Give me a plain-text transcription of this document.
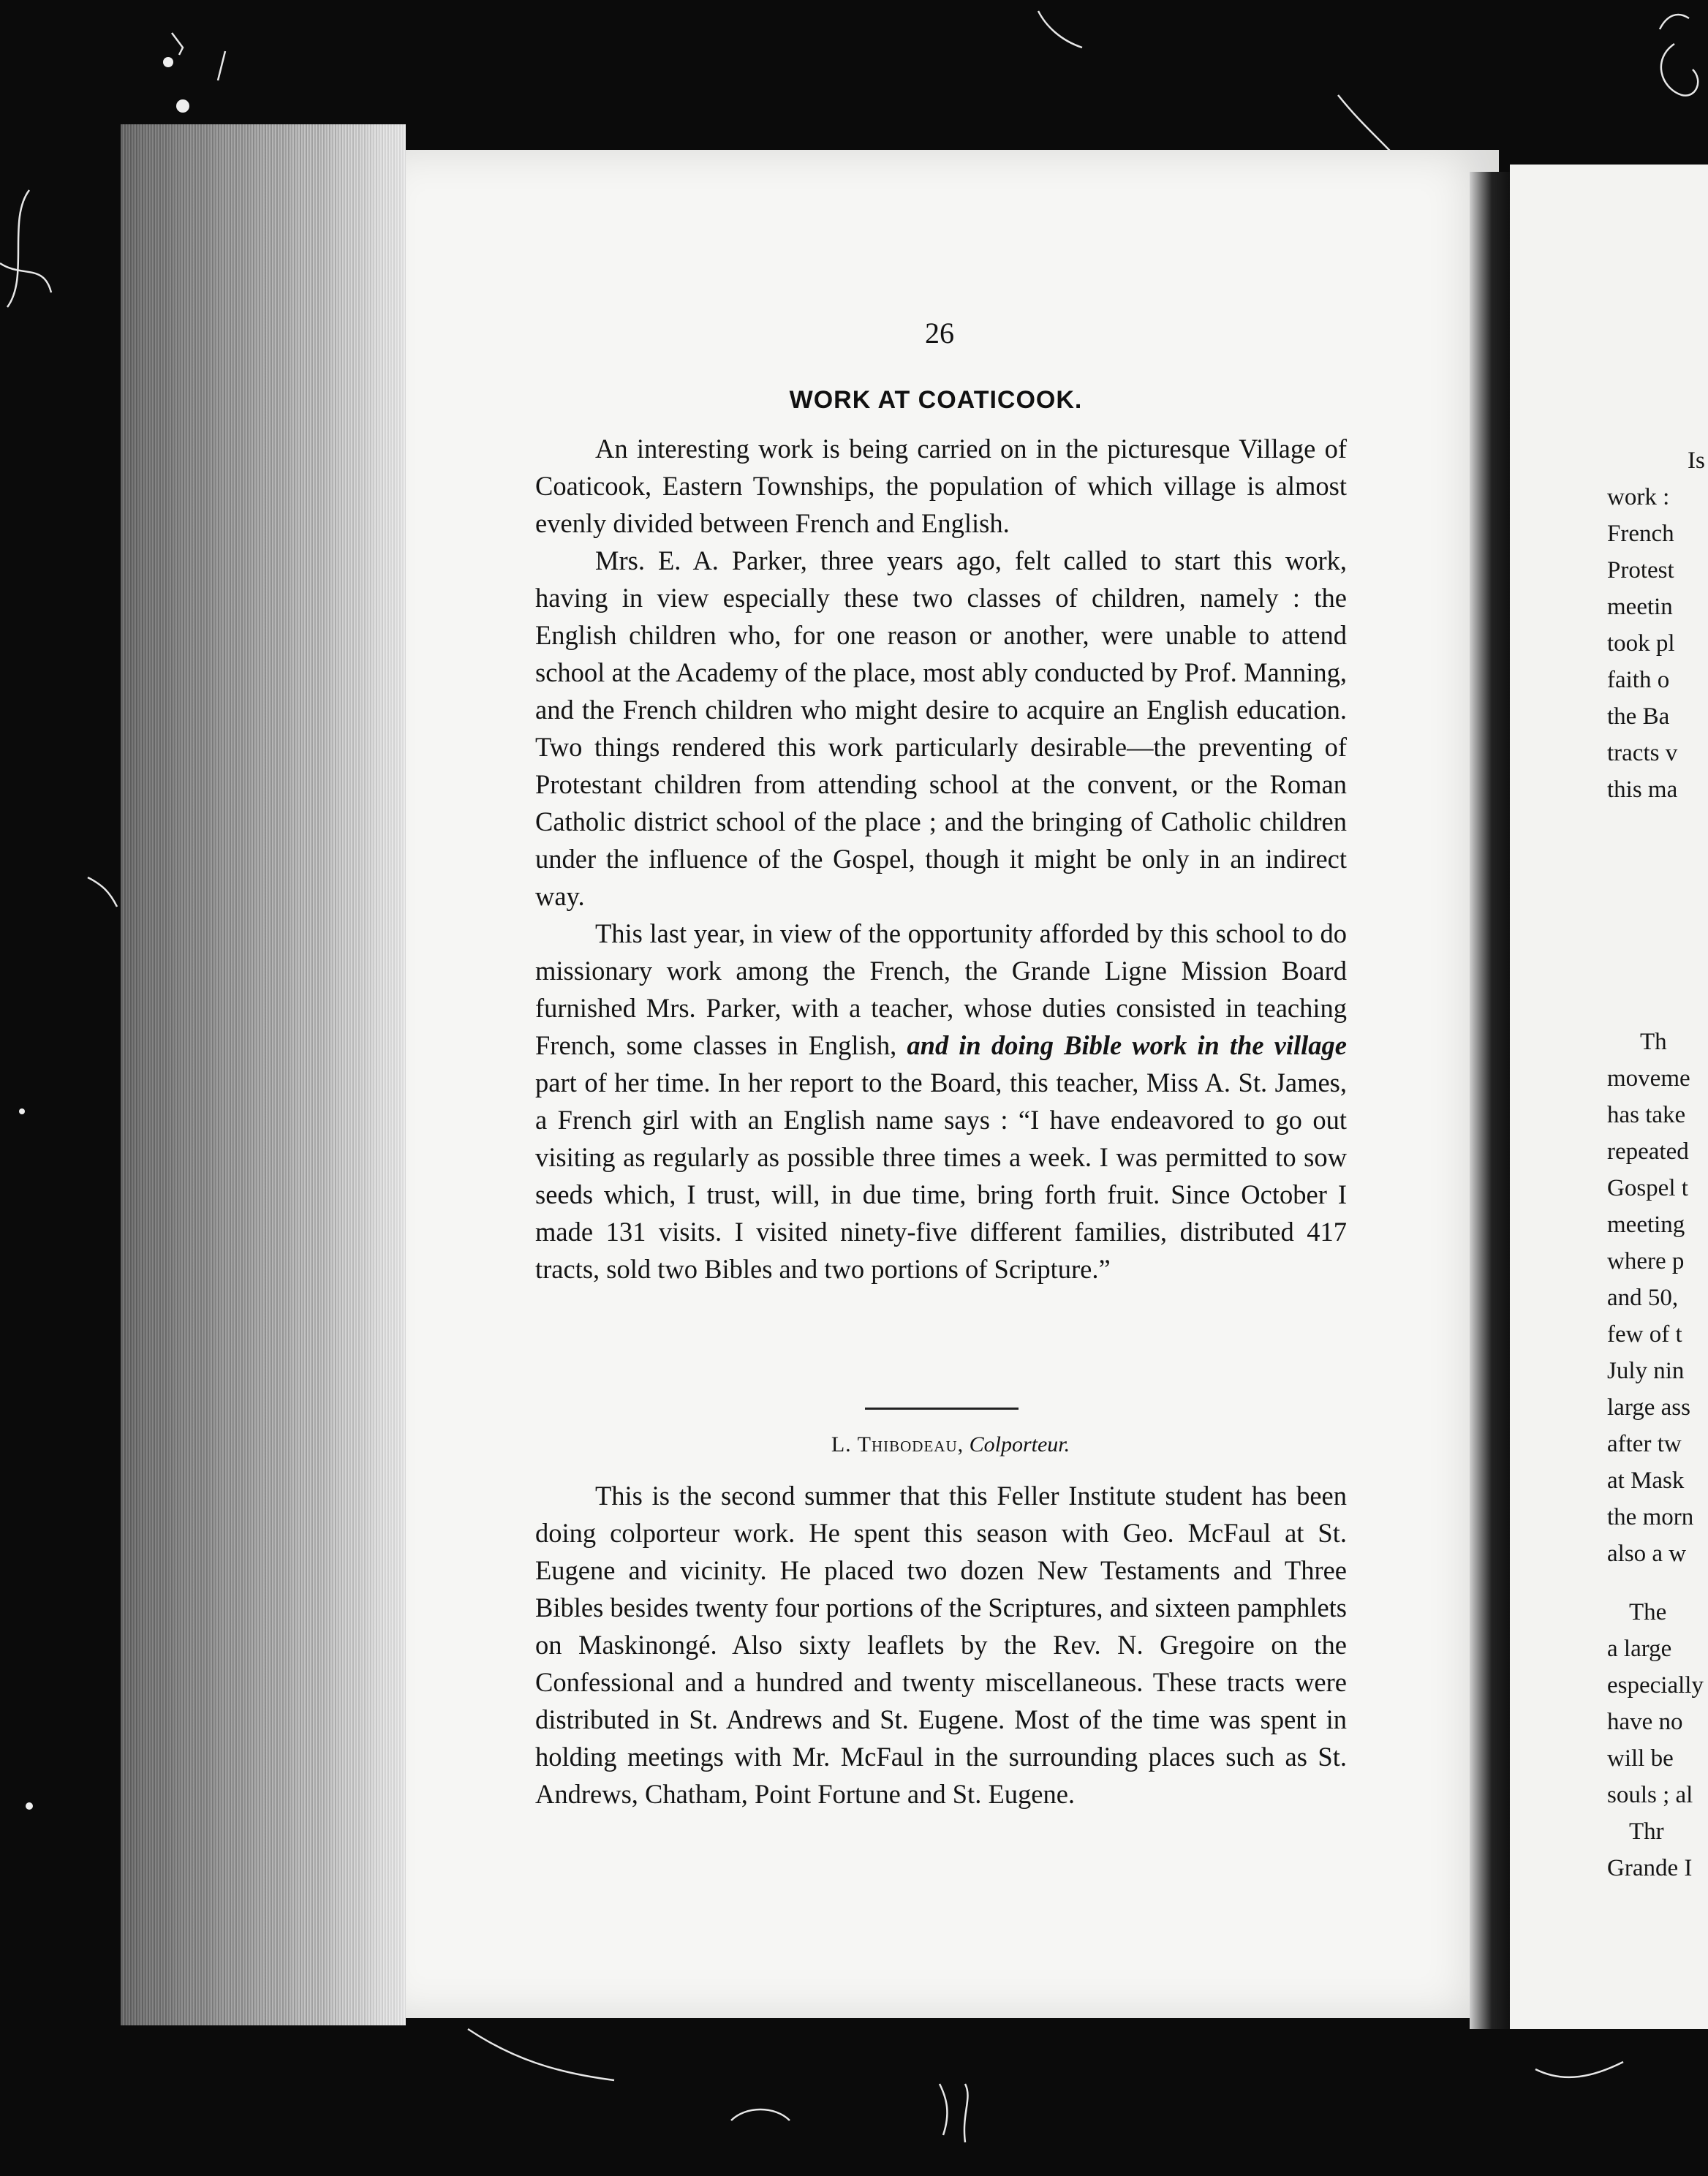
26
WORK AT COATICOOK.

An interesting work is being carried on in the picturesque Village of Coaticook, Eastern Townships, the population of which village is almost evenly divided between French and English.

Mrs. E. A. Parker, three years ago, felt called to start this work, having in view especially these two classes of children, namely : the English children who, for one reason or another, were unable to attend school at the Academy of the place, most ably conducted by Prof. Manning, and the French children who might desire to acquire an English education. Two things rendered this work particularly desirable—the preventing of Protestant children from attending school at the convent, or the Roman Catholic district school of the place ; and the bringing of Catholic children under the influence of the Gospel, though it might be only in an indirect way.

This last year, in view of the opportunity afforded by this school to do missionary work among the French, the Grande Ligne Mission Board furnished Mrs. Parker, with a teacher, whose duties consisted in teaching French, some classes in English, and in doing Bible work in the village part of her time. In her report to the Board, this teacher, Miss A. St. James, a French girl with an English name says : “I have endeavored to go out visiting as regularly as possible three times a week. I was permitted to sow seeds which, I trust, will, in due time, bring forth fruit. Since October I made 131 visits. I visited ninety-five different families, distributed 417 tracts, sold two Bibles and two portions of Scripture.”

L. Thibodeau, Colporteur.

This is the second summer that this Feller Institute student has been doing colporteur work. He spent this season with Geo. McFaul at St. Eugene and vicinity. He placed two dozen New Testaments and Three Bibles besides twenty four portions of the Scriptures, and sixteen pamphlets on Maskinongé. Also sixty leaflets by the Rev. N. Gregoire on the Confessional and a hundred and twenty miscellaneous. These tracts were distributed in St. Andrews and St. Eugene. Most of the time was spent in holding meetings with Mr. McFaul in the surrounding places such as St. Andrews, Chatham, Point Fortune and St. Eugene.

Is
work :
French
Protest
meetin
took pl
faith o
the Ba
tracts v
this ma
Th
moveme
has take
repeated
Gospel t
meeting
where p
and 50,
few of t
July nin
large ass
after tw
at Mask
the morn
also a w
The
a large
especially
have no
will be
souls ; al
Thr
Grande I
